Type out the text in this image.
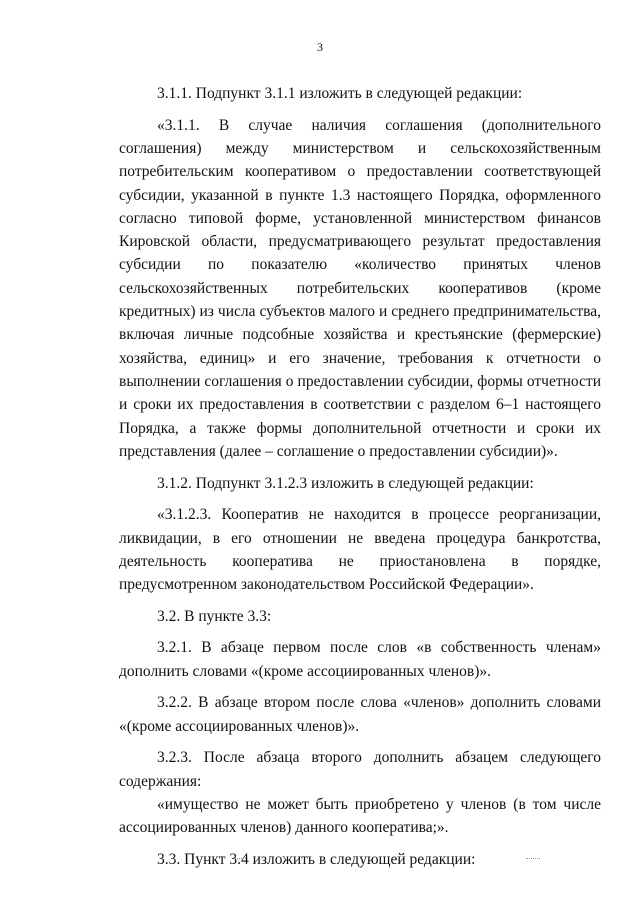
3

3.1.1. Подпункт 3.1.1 изложить в следующей редакции:

«3.1.1. В случае наличия соглашения (дополнительного соглашения) между министерством и сельскохозяйственным потребительским кооперативом о предоставлении соответствующей субсидии, указанной в пункте 1.3 настоящего Порядка, оформленного согласно типовой форме, установленной министерством финансов Кировской области, предусматривающего результат предоставления субсидии по показателю «количество принятых членов сельскохозяйственных потребительских кооперативов (кроме кредитных) из числа субъектов малого и среднего предпринимательства, включая личные подсобные хозяйства и крестьянские (фермерские) хозяйства, единиц» и его значение, требования к отчетности о выполнении соглашения о предоставлении субсидии, формы отчетности и сроки их предоставления в соответствии с разделом 6–1 настоящего Порядка, а также формы дополнительной отчетности и сроки их представления (далее – соглашение о предоставлении субсидии)».

3.1.2. Подпункт 3.1.2.3 изложить в следующей редакции:

«3.1.2.3. Кооператив не находится в процессе реорганизации, ликвидации, в его отношении не введена процедура банкротства, деятельность кооператива не приостановлена в порядке, предусмотренном законодательством Российской Федерации».

3.2. В пункте 3.3:

3.2.1. В абзаце первом после слов «в собственность членам» дополнить словами «(кроме ассоциированных членов)».

3.2.2. В абзаце втором после слова «членов» дополнить словами «(кроме ассоциированных членов)».

3.2.3. После абзаца второго дополнить абзацем следующего содержания:

«имущество не может быть приобретено у членов (в том числе ассоциированных членов) данного кооператива;».

3.3. Пункт 3.4 изложить в следующей редакции:
